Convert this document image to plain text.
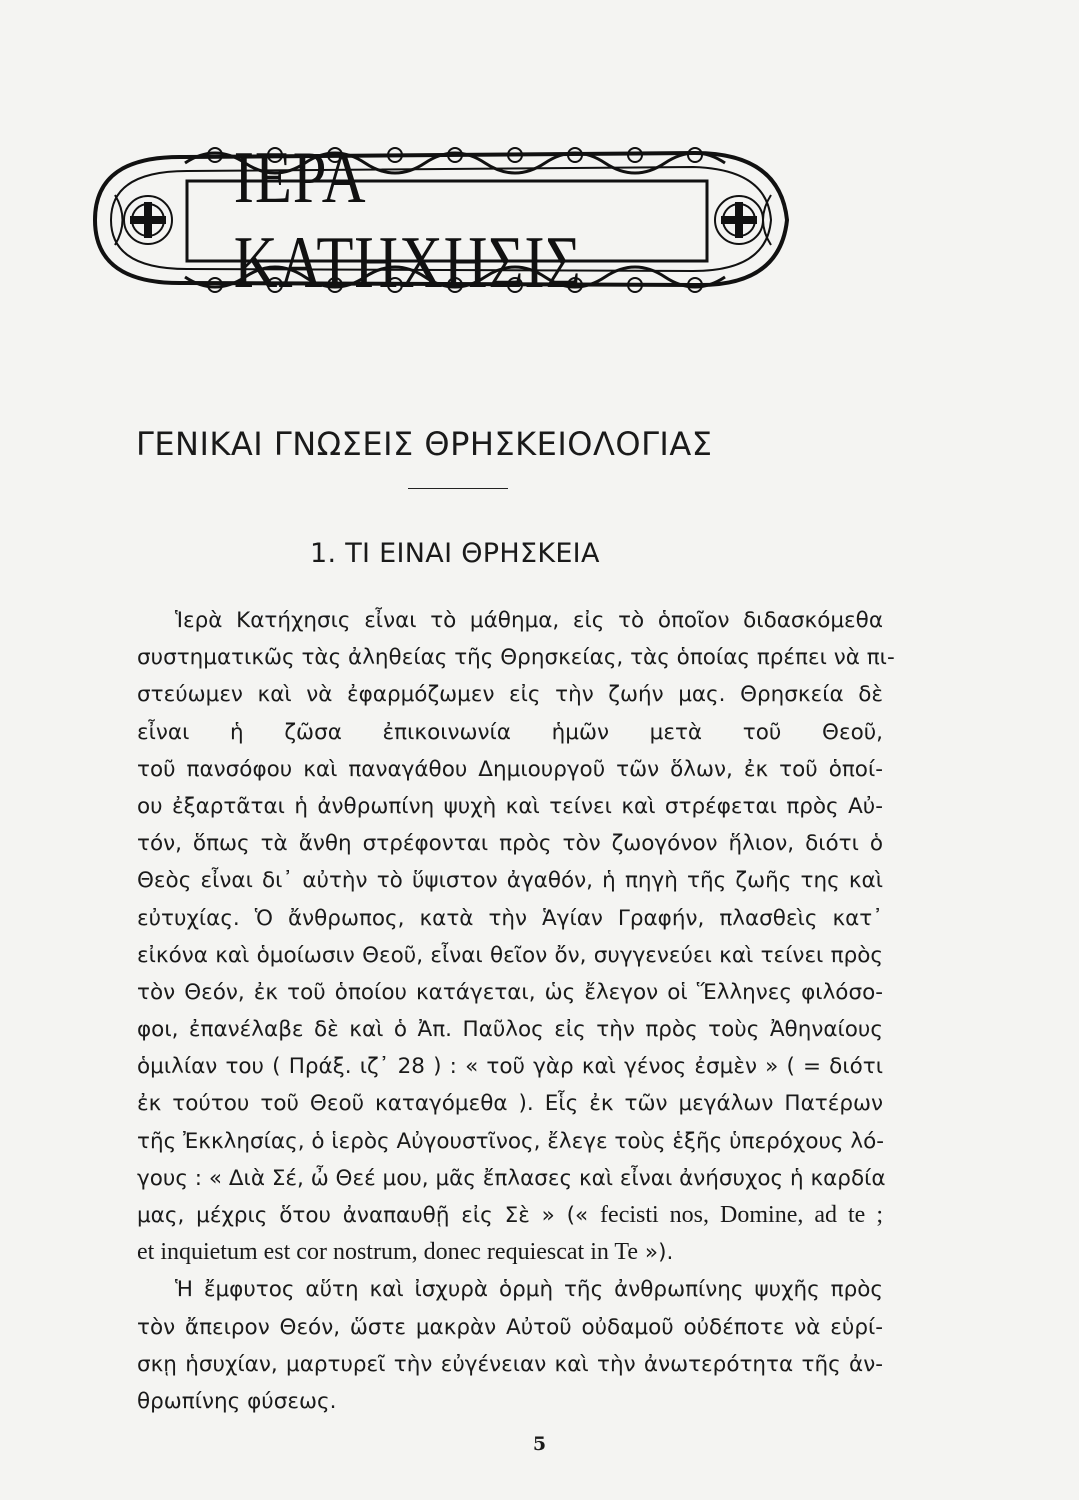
ΙΕΡΑ ΚΑΤΗΧΗΣΙΣ
ΓΕΝΙΚΑΙ ΓΝΩΣΕΙΣ ΘΡΗΣΚΕΙΟΛΟΓΙΑΣ
1. ΤΙ ΕΙΝΑΙ ΘΡΗΣΚΕΙΑ
Ἱερὰ Κατήχησις εἶναι τὸ μάθημα, εἰς τὸ ὁποῖον διδασκόμεθα
συστηματικῶς τὰς ἀληθείας τῆς Θρησκείας, τὰς ὁποίας πρέπει νὰ πι-
στεύωμεν καὶ νὰ ἐφαρμόζωμεν εἰς τὴν ζωήν μας. Θρησκεία δὲ
εἶναι ἡ ζῶσα ἐπικοινωνία ἡμῶν μετὰ τοῦ Θεοῦ,
τοῦ πανσόφου καὶ παναγάθου Δημιουργοῦ τῶν ὅλων, ἐκ τοῦ ὁποί-
ου ἐξαρτᾶται ἡ ἀνθρωπίνη ψυχὴ καὶ τείνει καὶ στρέφεται πρὸς Αὐ-
τόν, ὅπως τὰ ἄνθη στρέφονται πρὸς τὸν ζωογόνον ἥλιον, διότι ὁ
Θεὸς εἶναι δι᾽ αὐτὴν τὸ ὕψιστον ἀγαθόν, ἡ πηγὴ τῆς ζωῆς της καὶ
εὐτυχίας. Ὁ ἄνθρωπος, κατὰ τὴν Ἁγίαν Γραφήν, πλασθεὶς κατ᾽
εἰκόνα καὶ ὁμοίωσιν Θεοῦ, εἶναι θεῖον ὄν, συγγενεύει καὶ τείνει πρὸς
τὸν Θεόν, ἐκ τοῦ ὁποίου κατάγεται, ὡς ἔλεγον οἱ Ἕλληνες φιλόσο-
φοι, ἐπανέλαβε δὲ καὶ ὁ Ἀπ. Παῦλος εἰς τὴν πρὸς τοὺς Ἀθηναίους
ὁμιλίαν του ( Πράξ. ιζ᾽ 28 ) : « τοῦ γὰρ καὶ γένος ἐσμὲν » ( = διότι
ἐκ τούτου τοῦ Θεοῦ καταγόμεθα ). Εἷς ἐκ τῶν μεγάλων Πατέρων
τῆς Ἐκκλησίας, ὁ ἱερὸς Αὐγουστῖνος, ἔλεγε τοὺς ἑξῆς ὑπερόχους λό-
γους : « Διὰ Σέ, ὦ Θεέ μου, μᾶς ἔπλασες καὶ εἶναι ἀνήσυχος ἡ καρδία
μας, μέχρις ὅτου ἀναπαυθῇ εἰς Σὲ » (« fecisti nos, Domine, ad te ;
et inquietum est cor nostrum, donec requiescat in Te »).
Ἡ ἔμφυτος αὕτη καὶ ἰσχυρὰ ὁρμὴ τῆς ἀνθρωπίνης ψυχῆς πρὸς
τὸν ἄπειρον Θεόν, ὥστε μακρὰν Αὐτοῦ οὐδαμοῦ οὐδέποτε νὰ εὑρί-
σκῃ ἡσυχίαν, μαρτυρεῖ τὴν εὐγένειαν καὶ τὴν ἀνωτερότητα τῆς ἀν-
θρωπίνης φύσεως.
5
